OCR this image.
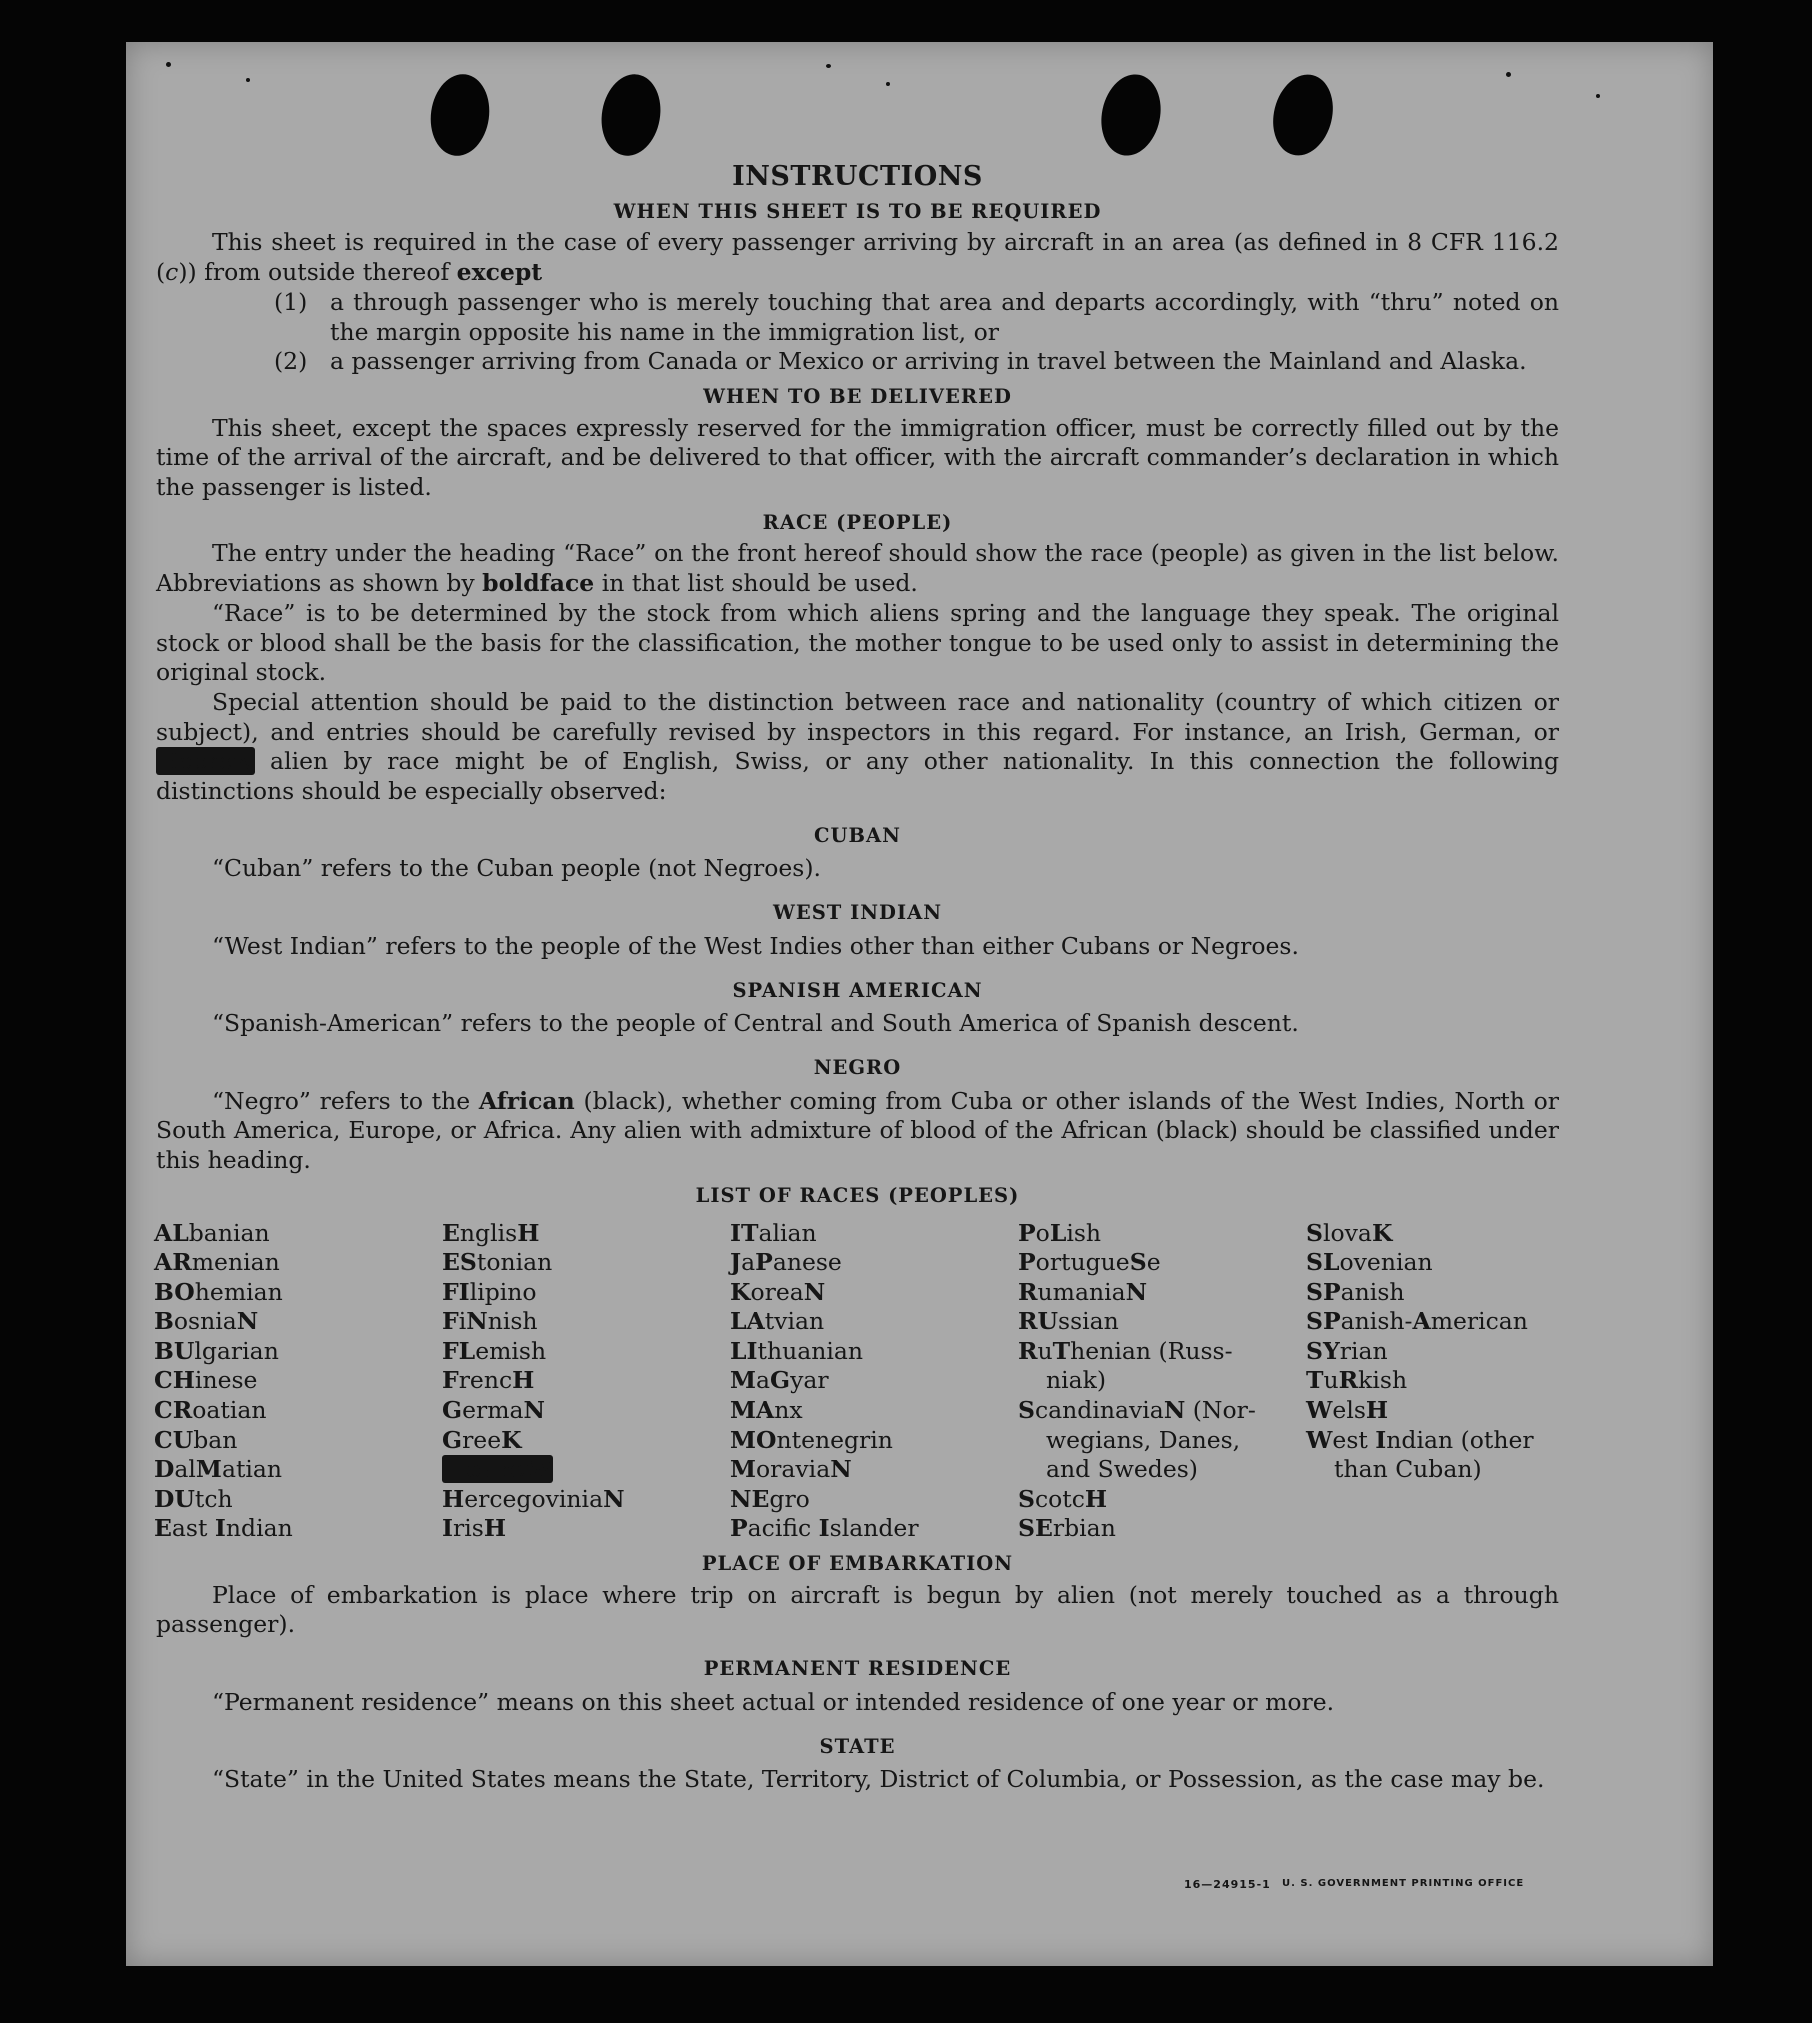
INSTRUCTIONS
WHEN THIS SHEET IS TO BE REQUIRED

This sheet is required in the case of every passenger arriving by aircraft in an area (as defined in 8 CFR 116.2 (c)) from outside thereof except

(1) a through passenger who is merely touching that area and departs accordingly, with “thru” noted on the margin opposite his name in the immigration list, or
(2) a passenger arriving from Canada or Mexico or arriving in travel between the Mainland and Alaska.
WHEN TO BE DELIVERED

This sheet, except the spaces expressly reserved for the immigration officer, must be correctly filled out by the time of the arrival of the aircraft, and be delivered to that officer, with the aircraft commander’s declaration in which the passenger is listed.

RACE (PEOPLE)

The entry under the heading “Race” on the front hereof should show the race (people) as given in the list below. Abbreviations as shown by boldface in that list should be used.

“Race” is to be determined by the stock from which aliens spring and the language they speak. The original stock or blood shall be the basis for the classification, the mother tongue to be used only to assist in determining the original stock.

Special attention should be paid to the distinction between race and nationality (country of which citizen or subject), and entries should be carefully revised by inspectors in this regard. For instance, an Irish, German, or Hebrew alien by race might be of English, Swiss, or any other nationality. In this connection the following distinctions should be especially observed:

CUBAN

“Cuban” refers to the Cuban people (not Negroes).

WEST INDIAN

“West Indian” refers to the people of the West Indies other than either Cubans or Negroes.

SPANISH AMERICAN

“Spanish-American” refers to the people of Central and South America of Spanish descent.

NEGRO

“Negro” refers to the African (black), whether coming from Cuba or other islands of the West Indies, North or South America, Europe, or Africa. Any alien with admixture of blood of the African (black) should be classified under this heading.

LIST OF RACES (PEOPLES)
ALbanian
ARmenian
BOhemian
BosniaN
BUlgarian
CHinese
CRoatian
CUban
DalMatian
DUtch
East Indian
EnglisH
EStonian
FIlipino
FiNnish
FLemish
FrencH
GermaN
GreeK
HebreW
HercegoviniaN
IrisH
ITalian
JaPanese
KoreaN
LAtvian
LIthuanian
MaGyar
MAnx
MOntenegrin
MoraviaN
NEgro
Pacific Islander
PoLish
PortugueSe
RumaniaN
RUssian
RuThenian (Russ-
niak)
ScandinaviaN (Nor-
wegians, Danes,
and Swedes)
ScotcH
SErbian
SlovaK
SLovenian
SPanish
SPanish-American
SYrian
TuRkish
WelsH
West Indian (other
than Cuban)
PLACE OF EMBARKATION

Place of embarkation is place where trip on aircraft is begun by alien (not merely touched as a through passenger).

PERMANENT RESIDENCE

“Permanent residence” means on this sheet actual or intended residence of one year or more.

STATE

“State” in the United States means the State, Territory, District of Columbia, or Possession, as the case may be.

16—24915-1 U. S. GOVERNMENT PRINTING OFFICE
